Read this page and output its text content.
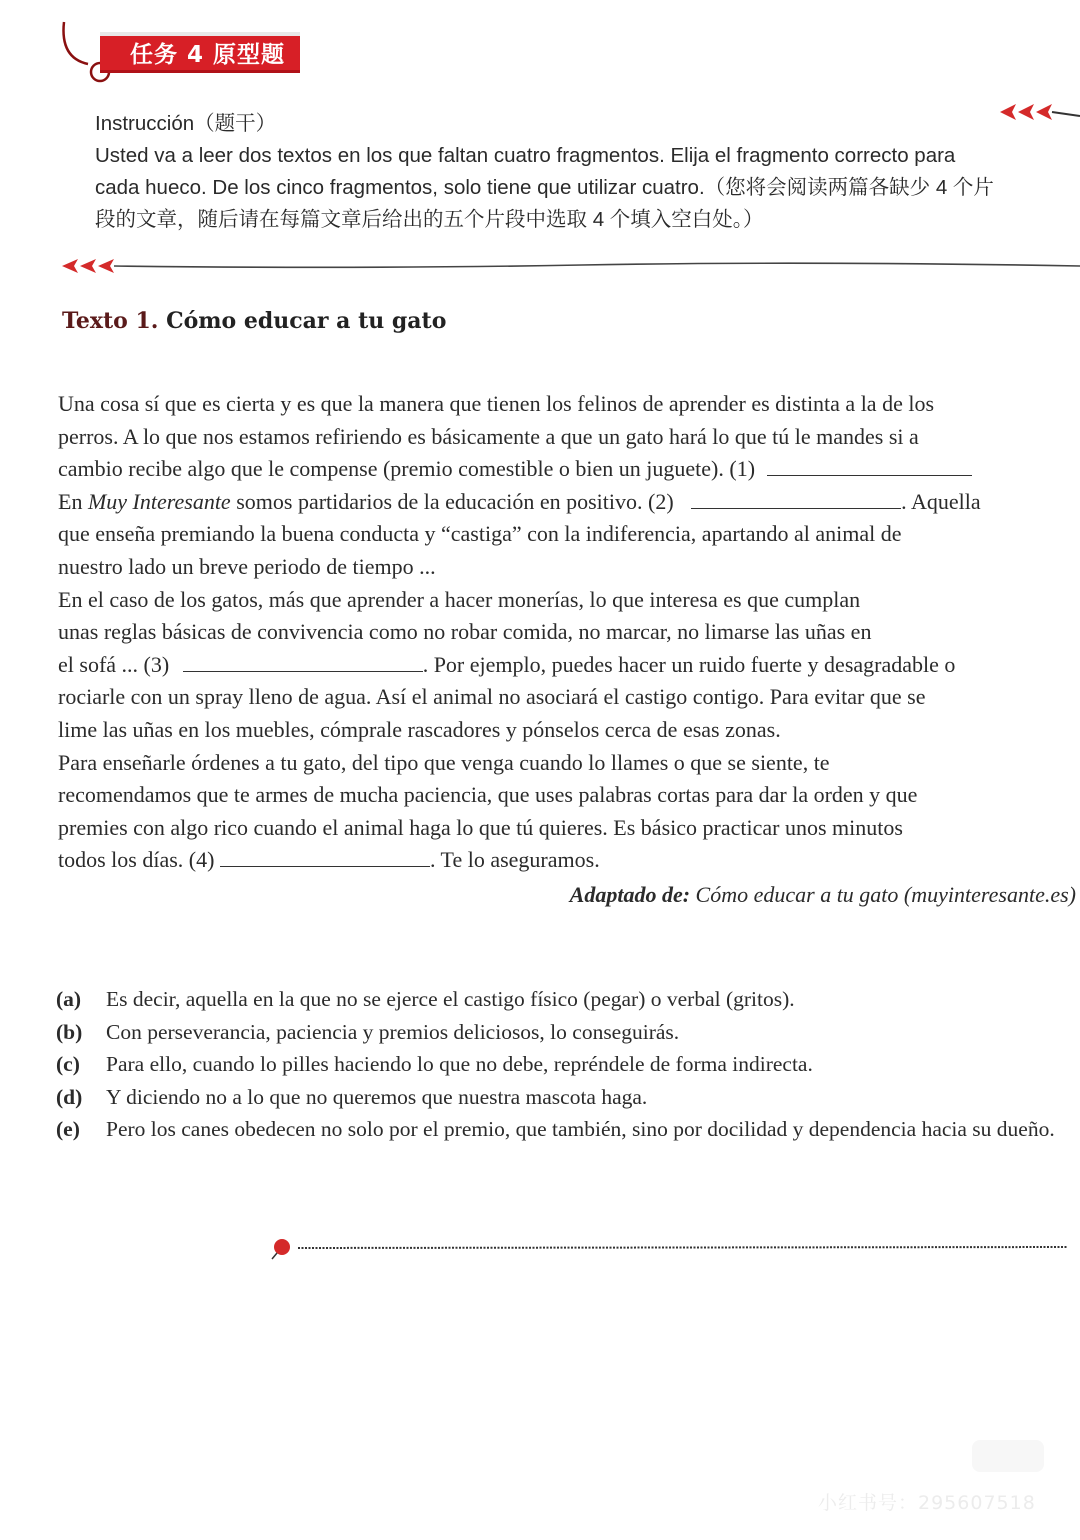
任务 4 原型题
Instrucción（题干）
Usted va a leer dos textos en los que faltan cuatro fragmentos. Elija el fragmento correcto para
cada hueco. De los cinco fragmentos, solo tiene que utilizar cuatro.（您将会阅读两篇各缺少 4 个片
段的文章，随后请在每篇文章后给出的五个片段中选取 4 个填入空白处。）
Texto 1. Cómo educar a tu gato
Una cosa sí que es cierta y es que la manera que tienen los felinos de aprender es distinta a la de los
perros. A lo que nos estamos refiriendo es básicamente a que un gato hará lo que tú le mandes si a
cambio recibe algo que le compense (premio comestible o bien un juguete). (1)
En Muy Interesante somos partidarios de la educación en positivo. (2)	. Aquella
que enseña premiando la buena conducta y “castiga” con la indiferencia, apartando al animal de
nuestro lado un breve periodo de tiempo ...
En el caso de los gatos, más que aprender a hacer monerías, lo que interesa es que cumplan
unas reglas básicas de convivencia como no robar comida, no marcar, no limarse las uñas en
el sofá ... (3)	. Por ejemplo, puedes hacer un ruido fuerte y desagradable o
rociarle con un spray lleno de agua. Así el animal no asociará el castigo contigo. Para evitar que se
lime las uñas en los muebles, cómprale rascadores y pónselos cerca de esas zonas.
Para enseñarle órdenes a tu gato, del tipo que venga cuando lo llames o que se siente, te
recomendamos que te armes de mucha paciencia, que uses palabras cortas para dar la orden y que
premies con algo rico cuando el animal haga lo que tú quieres. Es básico practicar unos minutos
todos los días. (4)	. Te lo aseguramos.
Adaptado de: Cómo educar a tu gato (muyinteresante.es)
(a)	Es decir, aquella en la que no se ejerce el castigo físico (pegar) o verbal (gritos).
(b)	Con perseverancia, paciencia y premios deliciosos, lo conseguirás.
(c)	Para ello, cuando lo pilles haciendo lo que no debe, repréndele de forma indirecta.
(d)	Y diciendo no a lo que no queremos que nuestra mascota haga.
(e)	Pero los canes obedecen no solo por el premio, que también, sino por docilidad y dependencia hacia su dueño.
小红书号：295607518
